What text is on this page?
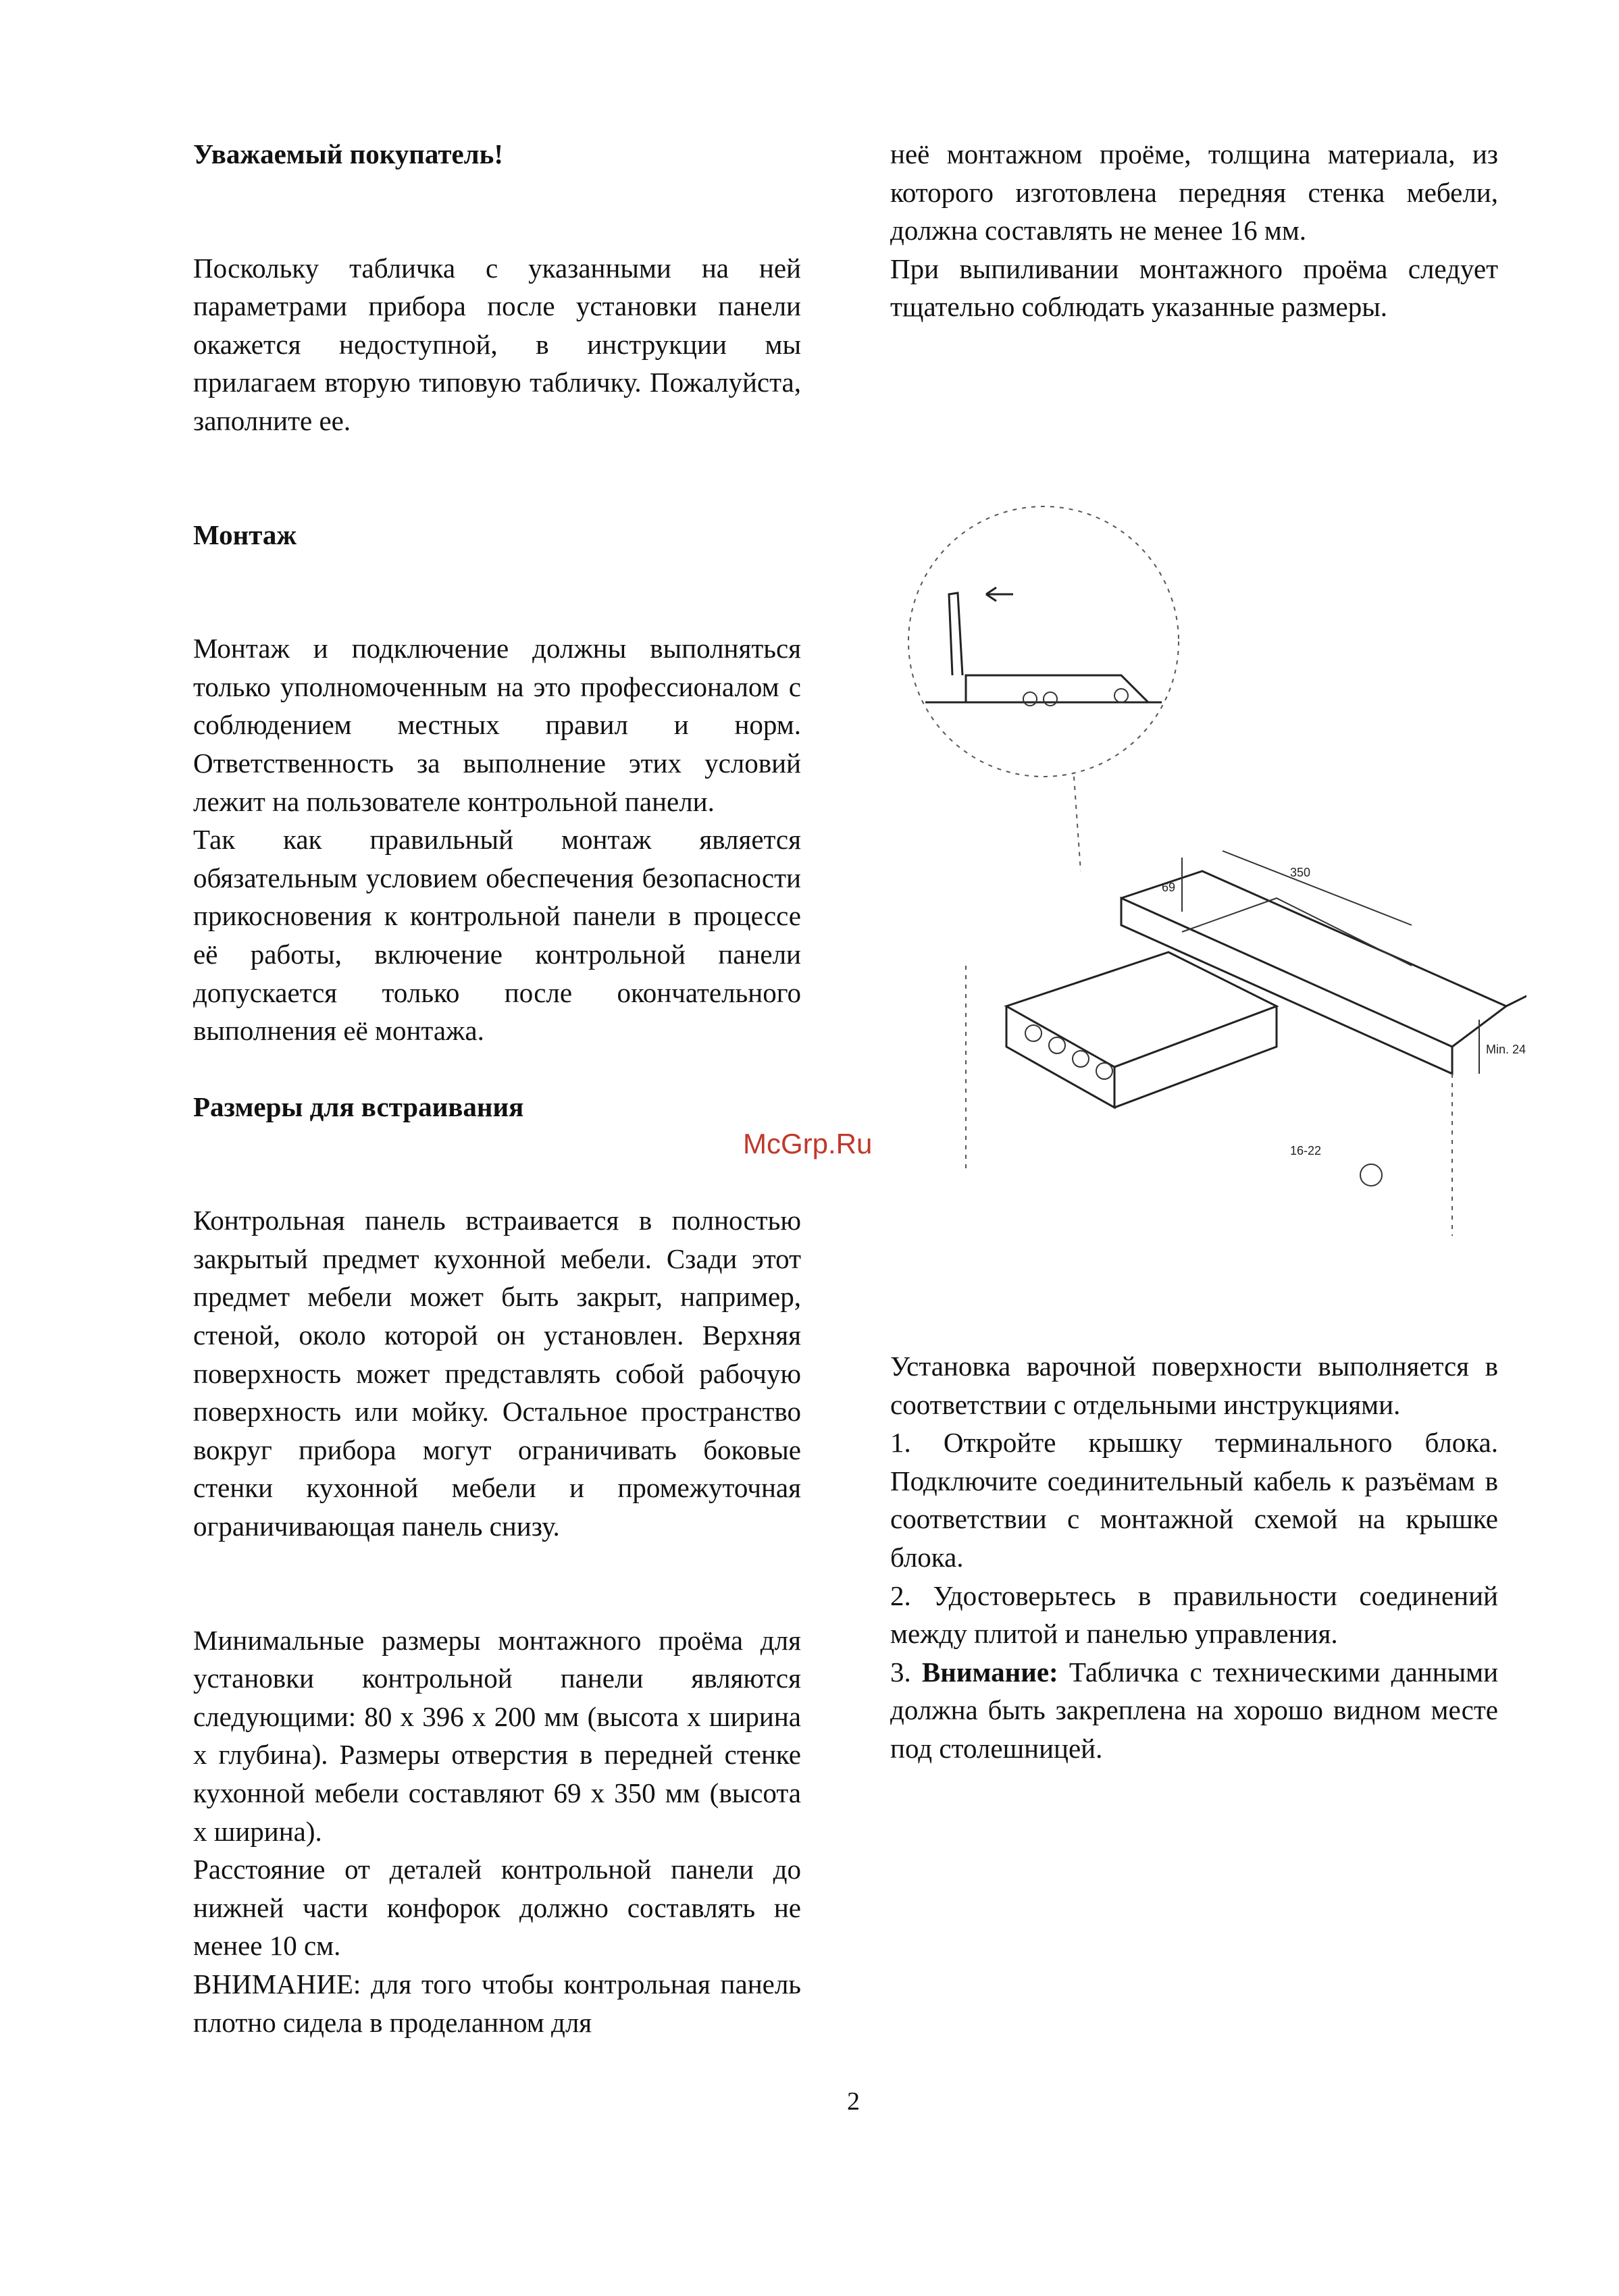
Уважаемый покупатель!

Поскольку табличка с указанными на ней параметрами прибора после установки панели окажется недоступной, в инструкции мы прилагаем вторую типовую табличку. Пожалуйста, заполните ее.

Монтаж

Монтаж и подключение должны выполняться только уполномоченным на это профессионалом с соблюдением местных правил и норм. Ответственность за выполнение этих условий лежит на пользователе контрольной панели.

Так как правильный монтаж является обязательным условием обеспечения безопасности прикосновения к контрольной панели в процессе её работы, включение контрольной панели допускается только после окончательного выполнения её монтажа.

Размеры для встраивания

Контрольная панель встраивается в полностью закрытый предмет кухонной мебели. Сзади этот предмет мебели может быть закрыт, например, стеной, около которой он установлен. Верхняя поверхность может представлять собой рабочую поверхность или мойку. Остальное пространство вокруг прибора могут ограничивать боковые стенки кухонной мебели и промежуточная ограничивающая панель снизу.

Минимальные размеры монтажного проёма для установки контрольной панели являются следующими: 80 х 396 х 200 мм (высота х ширина х глубина). Размеры отверстия в передней стенке кухонной мебели составляют 69 х 350 мм (высота х ширина).

Расстояние от деталей контрольной панели до нижней части конфорок должно составлять не менее 10 см.

ВНИМАНИЕ: для того чтобы контрольная панель плотно сидела в проделанном для

неё монтажном проёме, толщина материала, из которого изготовлена передняя стенка мебели, должна составлять не менее 16 мм.

При выпиливании монтажного проёма следует тщательно соблюдать указанные размеры.

350
69
Min. 24
16-22

Установка варочной поверхности выполняется в соответствии с отдельными инструкциями.

1. Откройте крышку терминального блока. Подключите соединительный кабель к разъёмам в соответствии с монтажной схемой на крышке блока.

2. Удостоверьтесь в правильности соединений между плитой и панелью управления.

3. Внимание: Табличка с техническими данными должна быть закреплена на хорошо видном месте под столешницей.

McGrp.Ru
2
